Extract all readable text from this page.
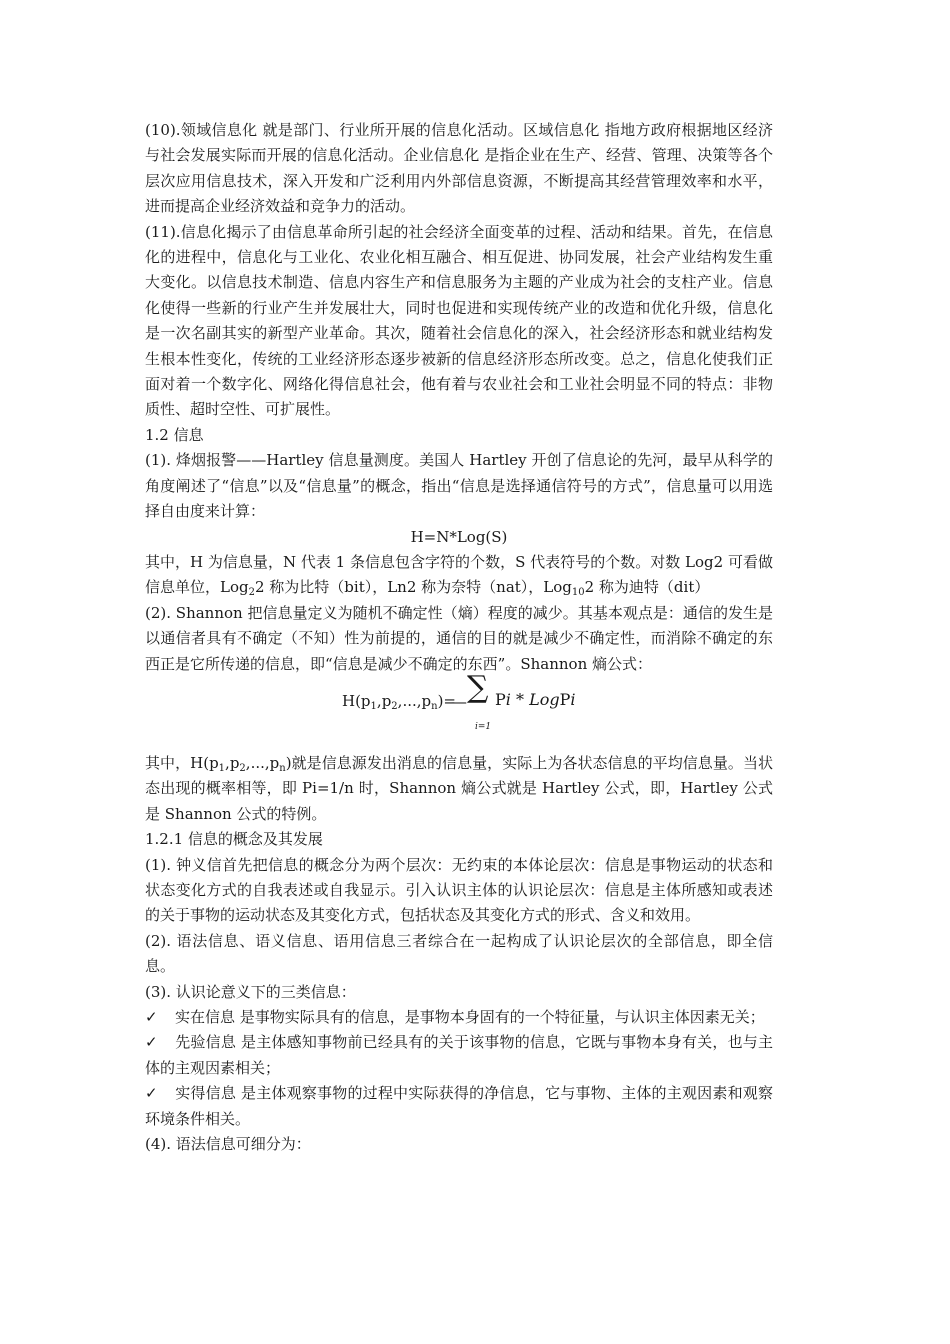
(10).领域信息化 就是部门、行业所开展的信息化活动。区域信息化 指地方政府根据地区经济与社会发展实际而开展的信息化活动。企业信息化 是指企业在生产、经营、管理、决策等各个层次应用信息技术，深入开发和广泛利用内外部信息资源，不断提高其经营管理效率和水平，进而提高企业经济效益和竞争力的活动。

(11).信息化揭示了由信息革命所引起的社会经济全面变革的过程、活动和结果。首先，在信息化的进程中，信息化与工业化、农业化相互融合、相互促进、协同发展，社会产业结构发生重大变化。以信息技术制造、信息内容生产和信息服务为主题的产业成为社会的支柱产业。信息化使得一些新的行业产生并发展壮大，同时也促进和实现传统产业的改造和优化升级，信息化是一次名副其实的新型产业革命。其次，随着社会信息化的深入，社会经济形态和就业结构发生根本性变化，传统的工业经济形态逐步被新的信息经济形态所改变。总之，信息化使我们正面对着一个数字化、网络化得信息社会，他有着与农业社会和工业社会明显不同的特点：非物质性、超时空性、可扩展性。

1.2 信息

(1). 烽烟报警——Hartley 信息量测度。美国人 Hartley 开创了信息论的先河，最早从科学的角度阐述了“信息”以及“信息量”的概念，指出“信息是选择通信符号的方式”，信息量可以用选择自由度来计算：

H=N*Log(S)

其中，H 为信息量，N 代表 1 条信息包含字符的个数，S 代表符号的个数。对数 Log2 可看做信息单位，Log$_2$2 称为比特（bit），Ln2 称为奈特（nat），Log$_{10}$2 称为迪特（dit）

(2). Shannon 把信息量定义为随机不确定性（熵）程度的减少。其基本观点是：通信的发生是以通信者具有不确定（不知）性为前提的，通信的目的就是减少不确定性，而消除不确定的东西正是它所传递的信息，即“信息是减少不确定的东西”。Shannon 熵公式：

$H(p_1,p_2,...,p_n)=$
— ∑ Pi * LogPi
i=1

其中，$H(p_1,p_2,...,p_n)$就是信息源发出消息的信息量，实际上为各状态信息的平均信息量。当状态出现的概率相等，即 Pi=1/n 时，Shannon 熵公式就是 Hartley 公式，即，Hartley 公式是 Shannon 公式的特例。

1.2.1 信息的概念及其发展

(1). 钟义信首先把信息的概念分为两个层次：无约束的本体论层次：信息是事物运动的状态和状态变化方式的自我表述或自我显示。引入认识主体的认识论层次：信息是主体所感知或表述的关于事物的运动状态及其变化方式，包括状态及其变化方式的形式、含义和效用。

(2). 语法信息、语义信息、语用信息三者综合在一起构成了认识论层次的全部信息，即全信息。

(3). 认识论意义下的三类信息：

✓ 实在信息 是事物实际具有的信息，是事物本身固有的一个特征量，与认识主体因素无关；

✓ 先验信息 是主体感知事物前已经具有的关于该事物的信息，它既与事物本身有关，也与主体的主观因素相关；

✓ 实得信息 是主体观察事物的过程中实际获得的净信息，它与事物、主体的主观因素和观察环境条件相关。

(4). 语法信息可细分为：
